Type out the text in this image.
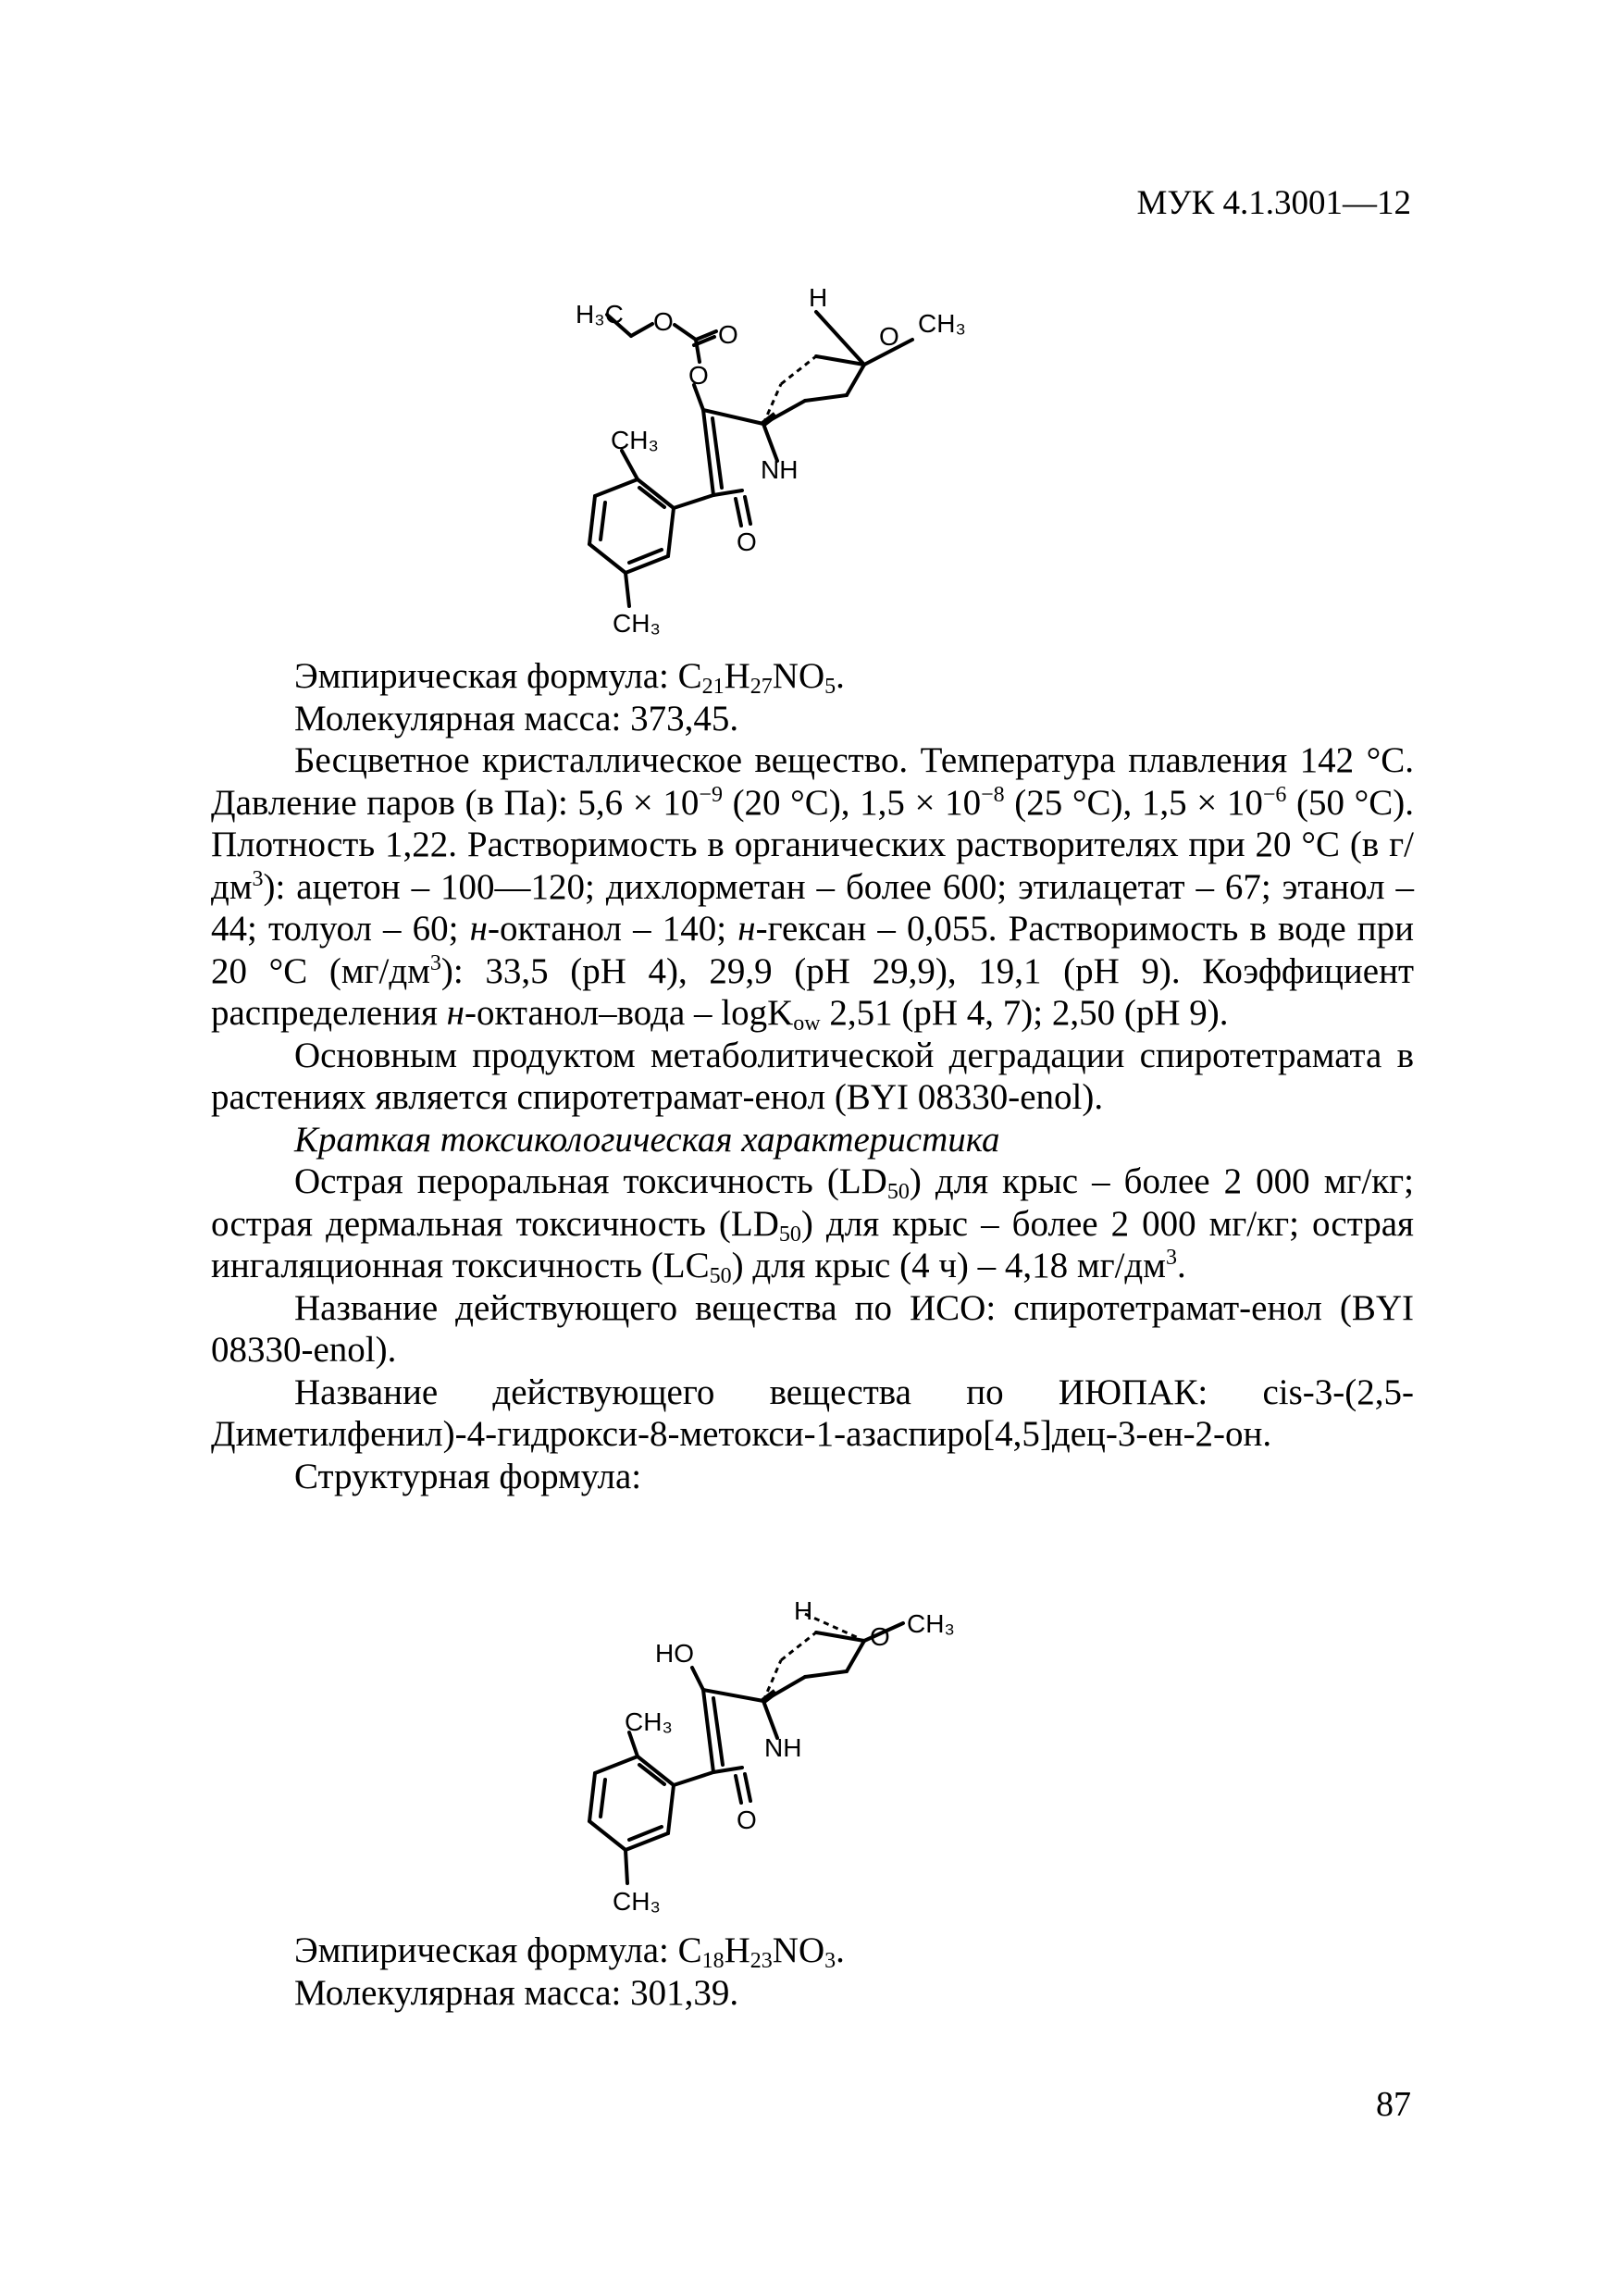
МУК 4.1.3001—12
H₃C O O
O
CH₃
NH
O
CH₃
H
O CH₃

Эмпирическая формула: $C_{21}H_{27}NO_5$.

Молекулярная масса: 373,45.

Бесцветное кристаллическое вещество. Температура плавления 142 °С. Давление паров (в Па): $5,6 \times 10^{-9}$ (20 °С), $1,5 \times 10^{-8}$ (25 °С), $1,5 \times 10^{-6}$ (50 °С). Плотность 1,22. Растворимость в органических растворителях при 20 °С (в $г/дм^3$): ацетон – 100—120; дихлорметан – более 600; этилацетат – 67; этанол – 44; толуол – 60; н-октанол – 140; н-гексан – 0,055. Растворимость в воде при 20 °С $(мг/дм^3)$: 33,5 (рН 4), 29,9 (рН 29,9), 19,1 (рН 9). Коэффициент распределения н-октанол–вода – logK$_{ow}$ 2,51 (рН 4, 7); 2,50 (рН 9).

Основным продуктом метаболитической деградации спиротетрамата в растениях является спиротетрамат-енол (BYI 08330-enol).

Краткая токсикологическая характеристика

Острая пероральная токсичность $(LD_{50})$ для крыс – более 2 000 мг/кг; острая дермальная токсичность $(LD_{50})$ для крыс – более 2 000 мг/кг; острая ингаляционная токсичность $(LC_{50})$ для крыс (4 ч) – 4,18 $мг/дм^3$.

Название действующего вещества по ИСО: спиротетрамат-енол (BYI 08330-enol).

Название действующего вещества по ИЮПАК: cis-3-(2,5-Диметилфенил)-4-гидрокси-8-метокси-1-азаспиро[4,5]дец-3-ен-2-он.

Структурная формула:

H
O CH₃
HO
CH₃
NH
O
CH₃

Эмпирическая формула: $C_{18}H_{23}NO_3$.

Молекулярная масса: 301,39.

87
